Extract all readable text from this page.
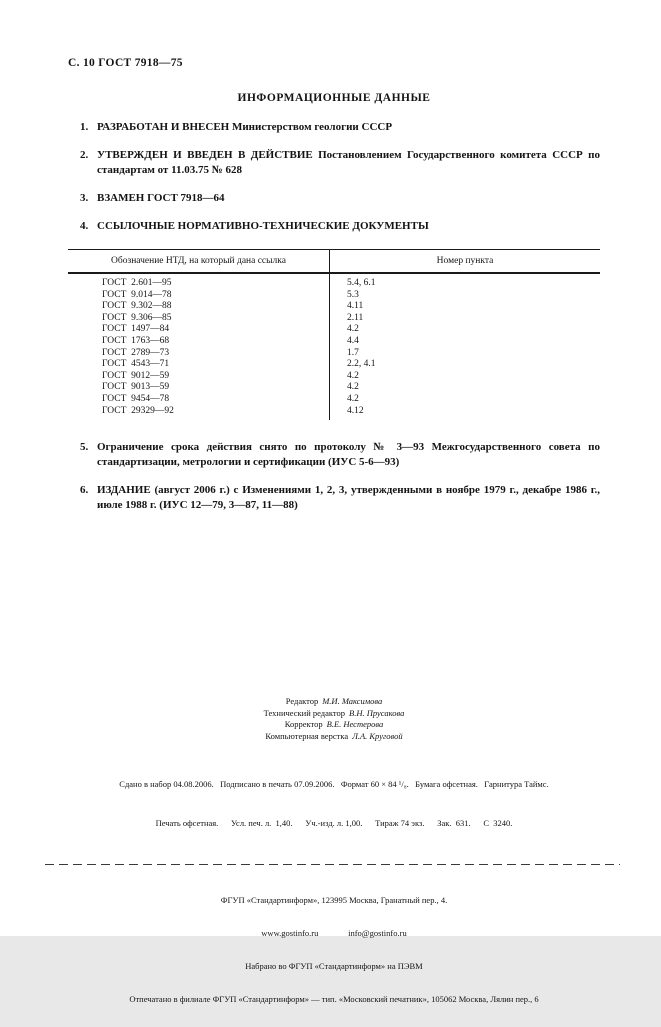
С. 10 ГОСТ 7918—75
ИНФОРМАЦИОННЫЕ ДАННЫЕ
1. РАЗРАБОТАН И ВНЕСЕН Министерством геологии СССР
2. УТВЕРЖДЕН И ВВЕДЕН В ДЕЙСТВИЕ Постановлением Государственного комитета СССР по стандартам от 11.03.75 № 628
3. ВЗАМЕН ГОСТ 7918—64
4. ССЫЛОЧНЫЕ НОРМАТИВНО-ТЕХНИЧЕСКИЕ ДОКУМЕНТЫ
Обозначение НТД, на который дана ссылка	Номер пункта
ГОСТ  2.601—95	5.4, 6.1
ГОСТ  9.014—78	5.3
ГОСТ  9.302—88	4.11
ГОСТ  9.306—85	2.11
ГОСТ  1497—84	4.2
ГОСТ  1763—68	4.4
ГОСТ  2789—73	1.7
ГОСТ  4543—71	2.2, 4.1
ГОСТ  9012—59	4.2
ГОСТ  9013—59	4.2
ГОСТ  9454—78	4.2
ГОСТ  29329—92	4.12
5. Ограничение срока действия снято по протоколу № 3—93 Межгосударственного совета по стандартизации, метрологии и сертификации (ИУС 5-6—93)
6. ИЗДАНИЕ (август 2006 г.) с Изменениями 1, 2, 3, утвержденными в ноябре 1979 г., декабре 1986 г., июле 1988 г. (ИУС 12—79, 3—87, 11—88)
Редактор М.И. Максимова
Технический редактор В.Н. Прусакова
Корректор В.Е. Нестерова
Компьютерная верстка Л.А. Круговой

Сдано в набор 04.08.2006.   Подписано в печать 07.09.2006.   Формат 60 × 84 ¹/₈.   Бумага офсетная.   Гарнитура Таймс.

Печать офсетная.      Усл. печ. л.  1,40.      Уч.-изд. л. 1,00.      Тираж 74 экз.      Зак.  631.      С  3240.

ФГУП «Стандартинформ», 123995 Москва, Гранатный пер., 4.

www.gostinfo.ru              info@gostinfo.ru

Набрано во ФГУП «Стандартинформ» на ПЭВМ

Отпечатано в филиале ФГУП «Стандартинформ» — тип. «Московский печатник», 105062 Москва, Лялин пер., 6
